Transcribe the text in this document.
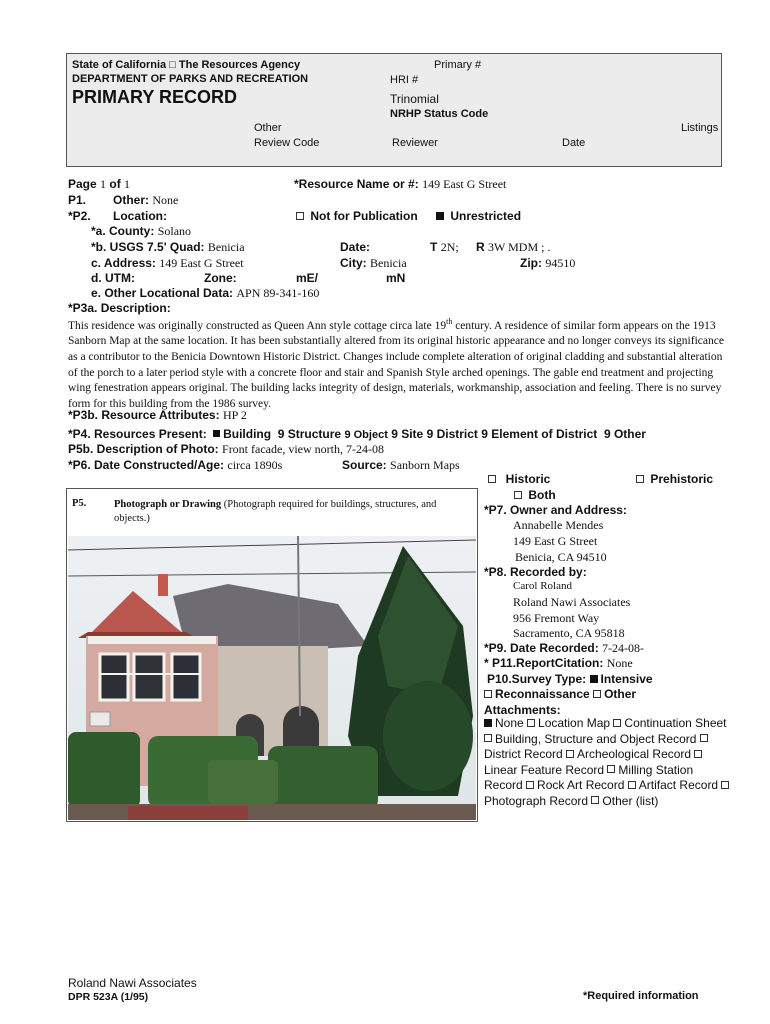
State of California □ The Resources Agency
DEPARTMENT OF PARKS AND RECREATION
PRIMARY RECORD
Primary #
HRI #
Trinomial
NRHP Status Code
Other
Review Code	Reviewer	Date
Listings
Page 1 of 1	*Resource Name or #: 149 East G Street
P1. Other: None
*P2. Location:	Not for Publication	Unrestricted
*a. County: Solano
*b. USGS 7.5' Quad: Benicia	Date:	T 2N; R 3W MDM ; .
c. Address: 149 East G Street	City: Benicia	Zip: 94510
d. UTM:	Zone:	mE/	mN
e. Other Locational Data: APN 89-341-160
*P3a. Description:
This residence was originally constructed as Queen Ann style cottage circa late 19th century. A residence of similar form appears on the 1913 Sanborn Map at the same location. It has been substantially altered from its original historic appearance and no longer conveys its significance as a contributor to the Benicia Downtown Historic District. Changes include complete alteration of original cladding and substantial alteration of the porch to a later period style with a concrete floor and stair and Spanish Style arched openings. The gable end treatment and projecting wing fenestration appears original. The building lacks integrity of design, materials, workmanship, association and feeling. There is no survey form for this building from the 1986 survey.
*P3b. Resource Attributes: HP 2
*P4. Resources Present: Building 9 Structure 9 Object 9 Site 9 District 9 Element of District 9 Other
P5b. Description of Photo: Front facade, view north, 7-24-08
*P6. Date Constructed/Age: circa 1890s	Source: Sanborn Maps
P5.	Photograph or Drawing (Photograph required for buildings, structures, and objects.)
Historic	Prehistoric
Both
*P7. Owner and Address:
Annabelle Mendes
149 East G Street
Benicia, CA 94510
*P8. Recorded by:
Carol Roland
Roland Nawi Associates
956 Fremont Way
Sacramento, CA 95818
*P9. Date Recorded: 7-24-08-
* P11.ReportCitation: None
P10.Survey Type: Intensive
Reconnaissance Other
Attachments:
None Location Map Continuation Sheet Building, Structure and Object Record District Record Archeological Record Linear Feature Record Milling Station Record Rock Art Record Artifact Record Photograph Record Other (list)
Roland Nawi Associates
DPR 523A (1/95)	*Required information
